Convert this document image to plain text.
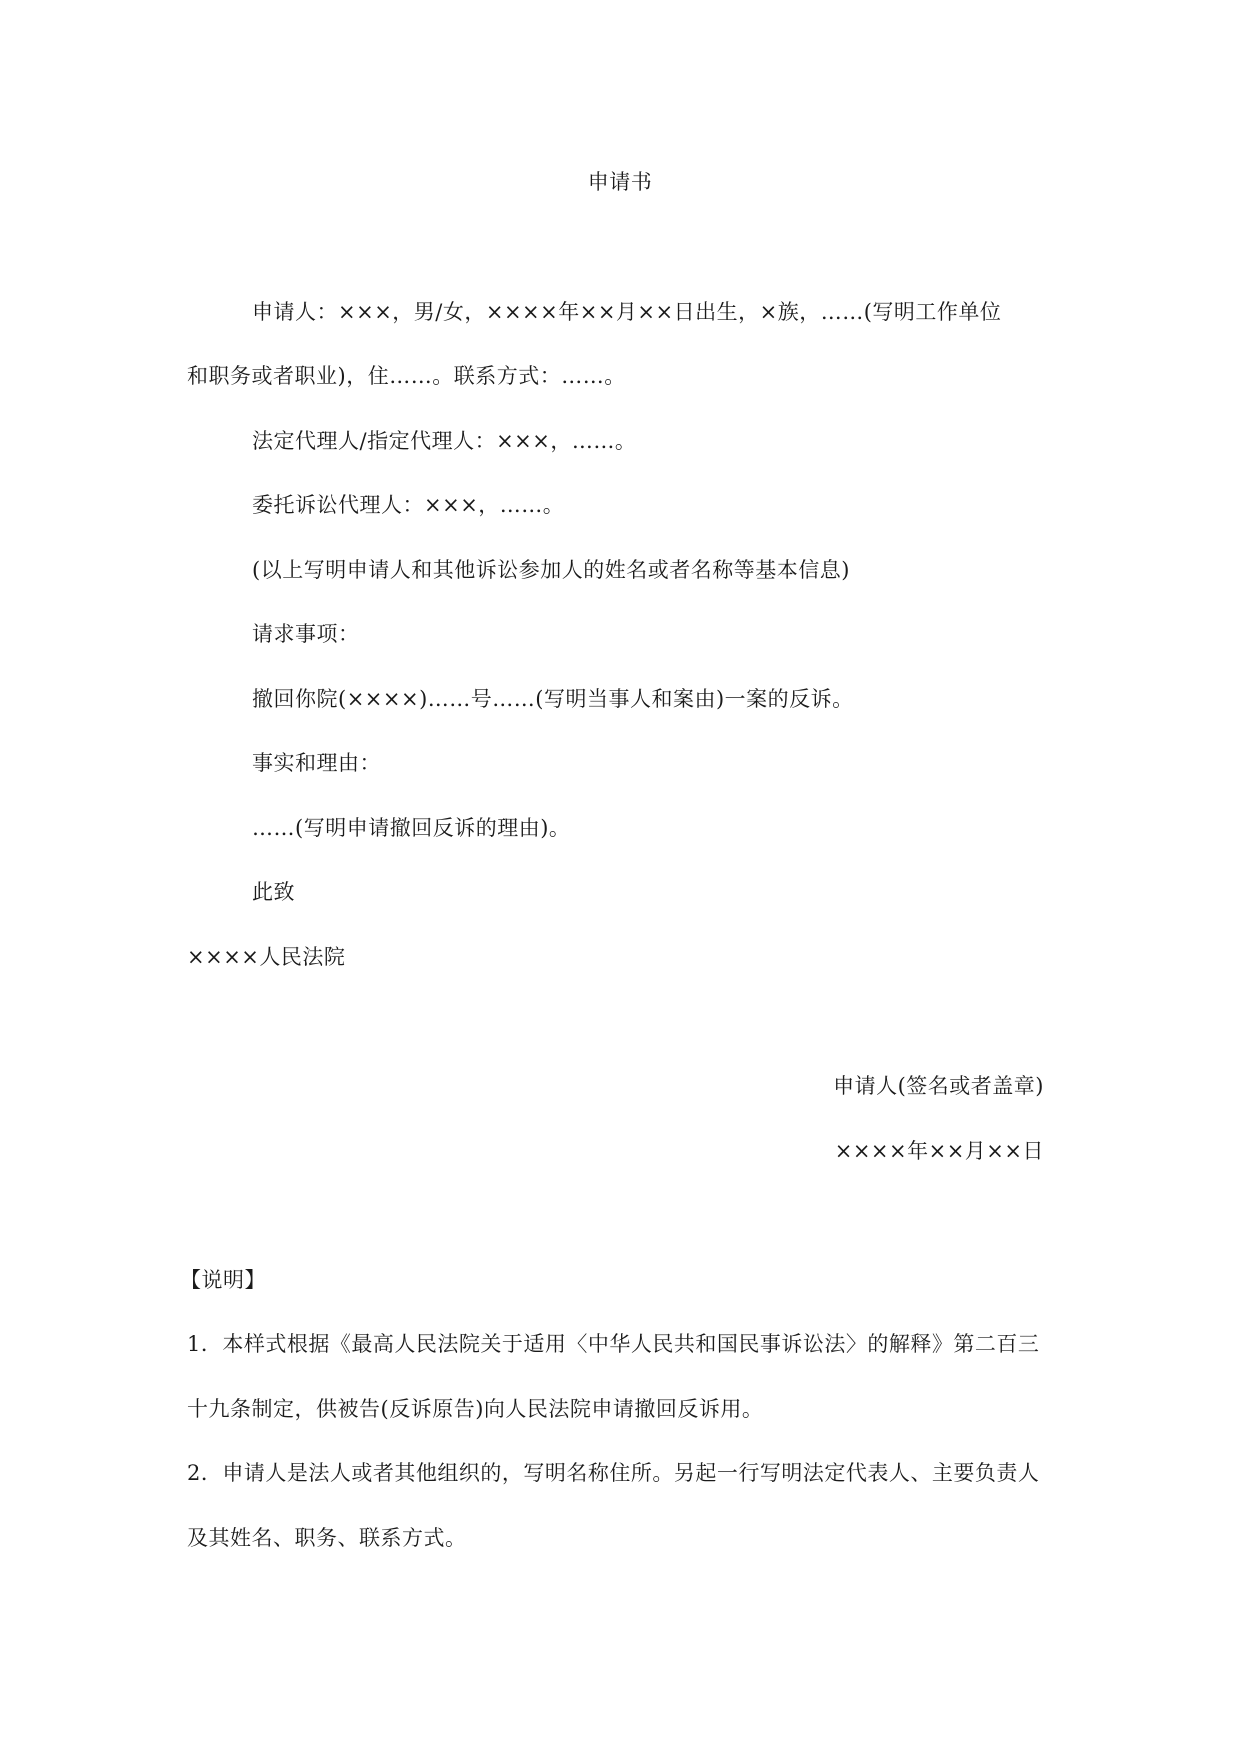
申请书
申请人：×××，男/女，××××年××月××日出生，×族，……(写明工作单位
和职务或者职业)，住……。联系方式：……。
法定代理人/指定代理人：×××，……。
委托诉讼代理人：×××，……。
(以上写明申请人和其他诉讼参加人的姓名或者名称等基本信息)
请求事项：
撤回你院(××××)……号……(写明当事人和案由)一案的反诉。
事实和理由：
……(写明申请撤回反诉的理由)。
此致
××××人民法院
申请人(签名或者盖章)
××××年××月××日
【说明】
1．本样式根据《最高人民法院关于适用〈中华人民共和国民事诉讼法〉的解释》第二百三
十九条制定，供被告(反诉原告)向人民法院申请撤回反诉用。
2．申请人是法人或者其他组织的，写明名称住所。另起一行写明法定代表人、主要负责人
及其姓名、职务、联系方式。
